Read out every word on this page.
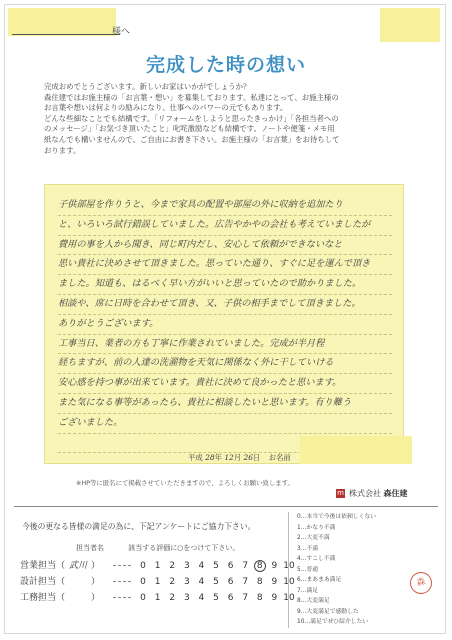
様へ
完成した時の想い

完成おめでとうございます。新しいお家はいかがでしょうか？

森住建ではお施主様の「お言葉・想い」を募集しております。私達にとって、お施主様の

お言葉や想いは何よりの励みになり、仕事へのパワーの元でもあります。

どんな些細なことでも結構です。「リフォームをしようと思ったきっかけ」「各担当者への

のメッセージ」「お気づき頂いたこと」叱咤激励なども結構です。ノートや便箋・メモ用

紙なんでも構いませんので、ご自由にお書き下さい。お施主様の「お言葉」をお待ちして

おります。

子供部屋を作りうと、今まで家具の配置や部屋の外に収納を追加たり
と、いろいろ試行錯誤していました。広告やかやの会社も考えていましたが
費用の事を人から聞き、同じ町内だし、安心して依頼ができないなと
思い貴社に決めさせて頂きました。思っていた通り、すぐに足を運んで頂き
ました。知道も、はるべく早い方がいいと思っていたので助かりました。
相談や、席に日時を合わせて頂き、又、子供の相手までして頂きました。
ありがとうございます。
工事当日、業者の方も丁寧に作業されていました。完成が半月程
経ちますが、前の人達の洗濯物を天気に関係なく外に干していける
安心感を持つ事が出来ています。貴社に決めて良かったと思います。
また気になる事等があったら、貴社に相談したいと思います。有り難う
ございました。
平成 28年 12月 26日 お名前
※HP等に匿名にて掲載させていただきますので、よろしくお願い致します。
m 株式会社 森住建
今後の更なる皆様の満足の為に、下記アンケートにご協力下さい。
担当者名	該当する評価に○をつけて下さい。
営業担当（ 武川 ）	0 1 2 3 4 5 6 7 8 9 10
設計担当（	）	0 1 2 3 4 5 6 7 8 9 10
工務担当（	）	0 1 2 3 4 5 6 7 8 9 10
0…本当で今後は依頼しくない
1…かなり不満
2…大変不満
3…不満
4…すこし不満
5…普通
6…まあまあ満足
7…満足
8…大変満足
9…大変満足で感動した
10…満足でぜひ紹介したい
森
